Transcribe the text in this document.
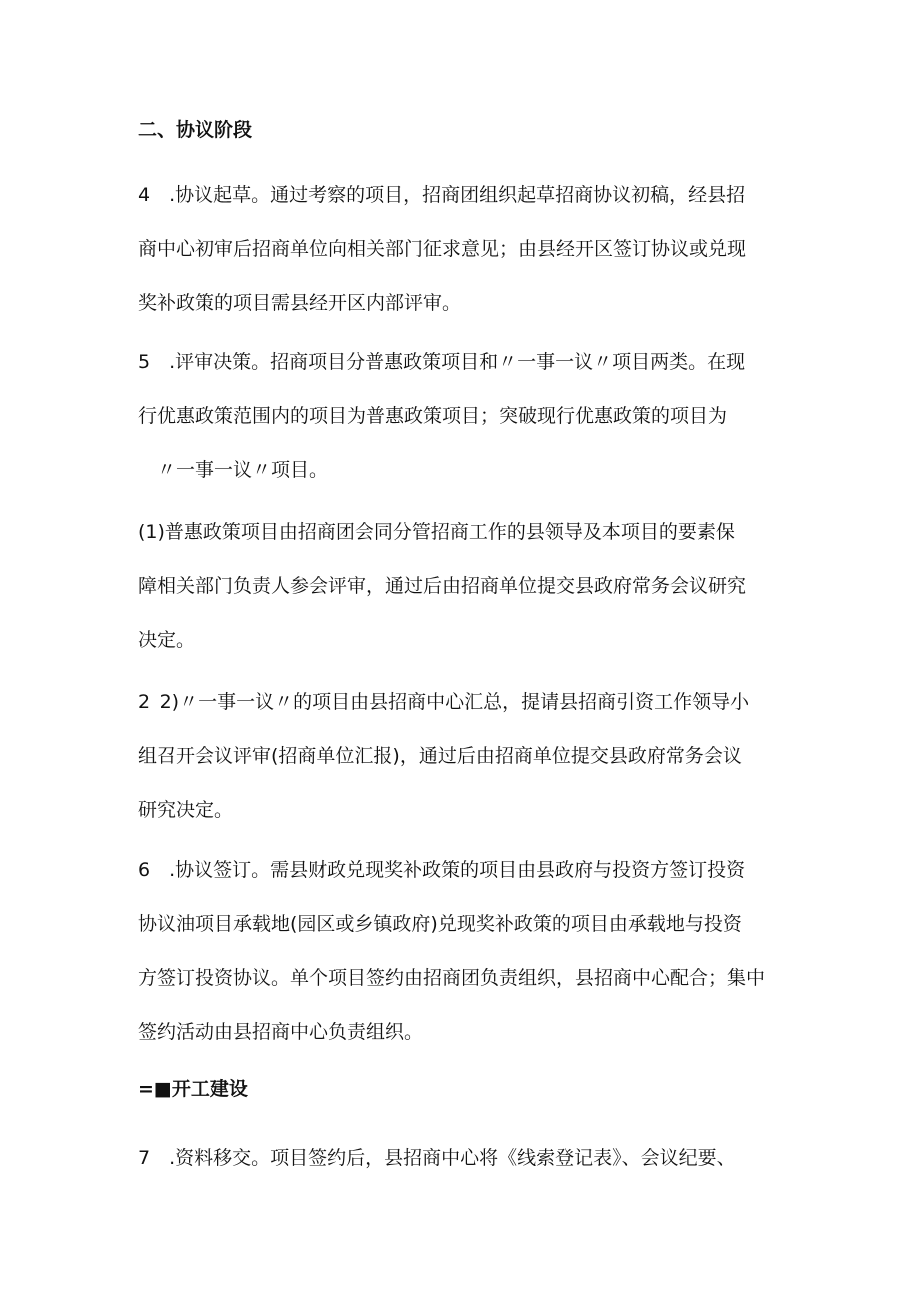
二、协议阶段
4　.协议起草。通过考察的项目，招商团组织起草招商协议初稿，经县招
商中心初审后招商单位向相关部门征求意见；由县经开区签订协议或兑现
奖补政策的项目需县经开区内部评审。
5　.评审决策。招商项目分普惠政策项目和〃一事一议〃项目两类。在现
行优惠政策范围内的项目为普惠政策项目；突破现行优惠政策的项目为
　〃一事一议〃项目。
(1)普惠政策项目由招商团会同分管招商工作的县领导及本项目的要素保
障相关部门负责人参会评审，通过后由招商单位提交县政府常务会议研究
决定。
2 2)〃一事一议〃的项目由县招商中心汇总，提请县招商引资工作领导小
组召开会议评审(招商单位汇报)，通过后由招商单位提交县政府常务会议
研究决定。
6　.协议签订。需县财政兑现奖补政策的项目由县政府与投资方签订投资
协议油项目承载地(园区或乡镇政府)兑现奖补政策的项目由承载地与投资
方签订投资协议。单个项目签约由招商团负责组织，县招商中心配合；集中
签约活动由县招商中心负责组织。
=■开工建设
7　.资料移交。项目签约后，县招商中心将《线索登记表》、会议纪要、
